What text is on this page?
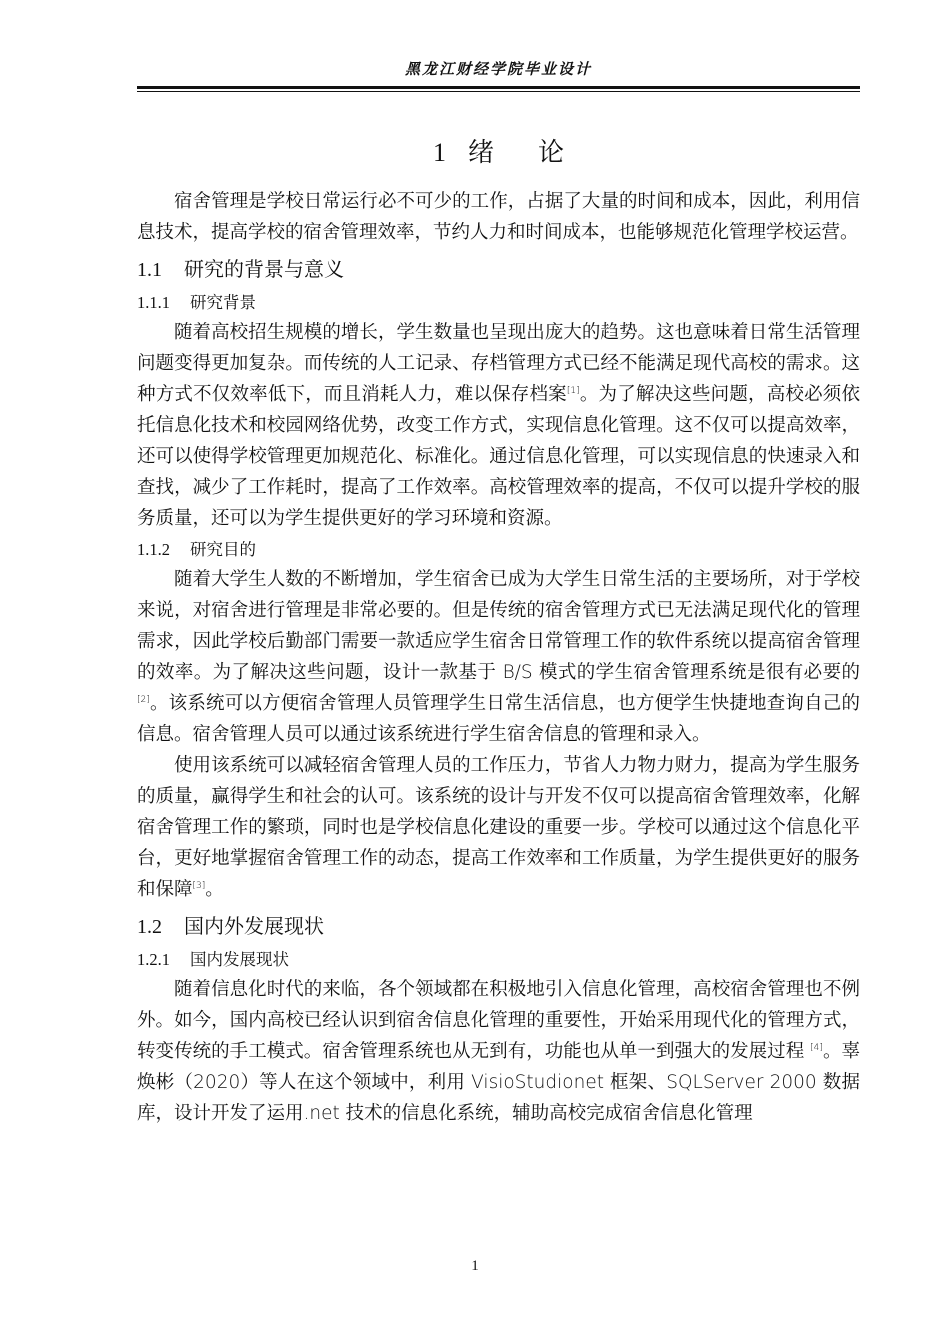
黑龙江财经学院毕业设计
1 绪 论

宿舍管理是学校日常运行必不可少的工作，占据了大量的时间和成本，因此，利用信息技术，提高学校的宿舍管理效率，节约人力和时间成本，也能够规范化管理学校运营。

1.1 研究的背景与意义
1.1.1 研究背景

随着高校招生规模的增长，学生数量也呈现出庞大的趋势。这也意味着日常生活管理问题变得更加复杂。而传统的人工记录、存档管理方式已经不能满足现代高校的需求。这种方式不仅效率低下，而且消耗人力，难以保存档案[1]。为了解决这些问题，高校必须依托信息化技术和校园网络优势，改变工作方式，实现信息化管理。这不仅可以提高效率，还可以使得学校管理更加规范化、标准化。通过信息化管理，可以实现信息的快速录入和查找，减少了工作耗时，提高了工作效率。高校管理效率的提高，不仅可以提升学校的服务质量，还可以为学生提供更好的学习环境和资源。

1.1.2 研究目的

随着大学生人数的不断增加，学生宿舍已成为大学生日常生活的主要场所，对于学校来说，对宿舍进行管理是非常必要的。但是传统的宿舍管理方式已无法满足现代化的管理需求，因此学校后勤部门需要一款适应学生宿舍日常管理工作的软件系统以提高宿舍管理的效率。为了解决这些问题，设计一款基于 B/S 模式的学生宿舍管理系统是很有必要的[2]。该系统可以方便宿舍管理人员管理学生日常生活信息，也方便学生快捷地查询自己的信息。宿舍管理人员可以通过该系统进行学生宿舍信息的管理和录入。

使用该系统可以减轻宿舍管理人员的工作压力，节省人力物力财力，提高为学生服务的质量，赢得学生和社会的认可。该系统的设计与开发不仅可以提高宿舍管理效率，化解宿舍管理工作的繁琐，同时也是学校信息化建设的重要一步。学校可以通过这个信息化平台，更好地掌握宿舍管理工作的动态，提高工作效率和工作质量，为学生提供更好的服务和保障[3]。

1.2 国内外发展现状
1.2.1 国内发展现状

随着信息化时代的来临，各个领域都在积极地引入信息化管理，高校宿舍管理也不例外。如今，国内高校已经认识到宿舍信息化管理的重要性，开始采用现代化的管理方式，转变传统的手工模式。宿舍管理系统也从无到有，功能也从单一到强大的发展过程 [4]。辜焕彬（2020）等人在这个领域中，利用 VisioStudionet 框架、SQLServer 2000 数据库，设计开发了运用.net 技术的信息化系统，辅助高校完成宿舍信息化管理

1
